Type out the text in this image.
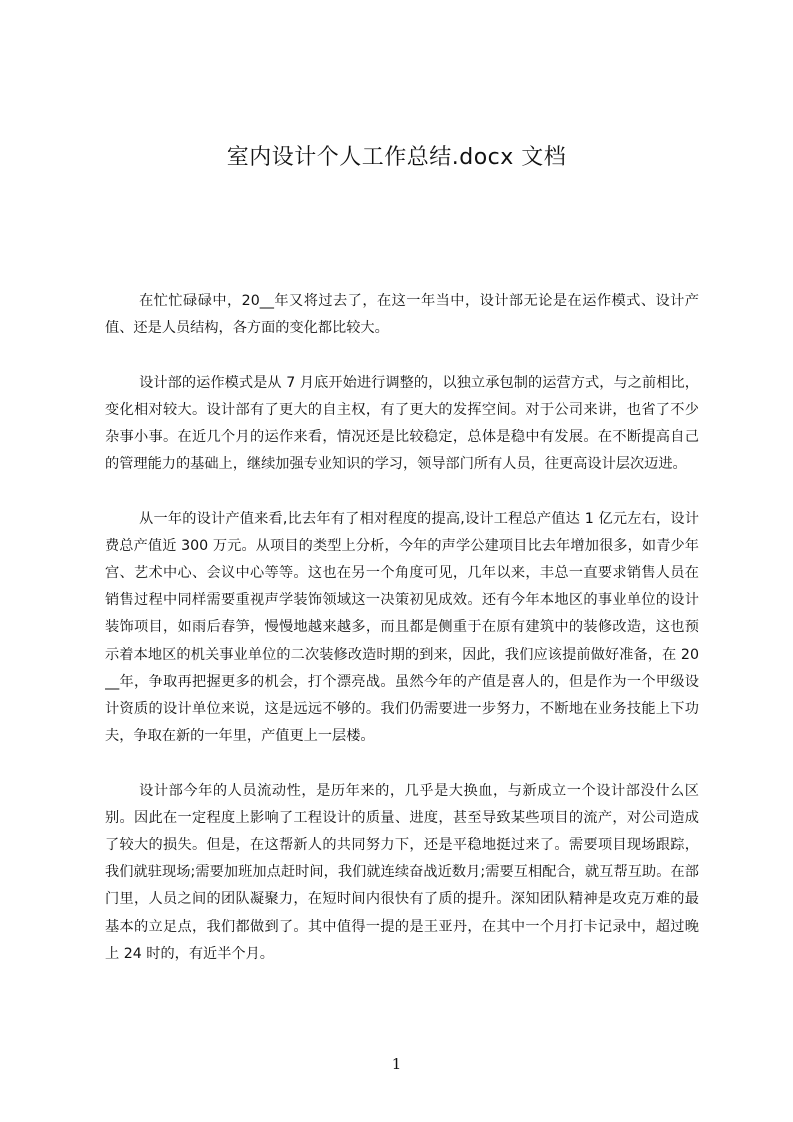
室内设计个人工作总结.docx 文档

在忙忙碌碌中，20__年又将过去了，在这一年当中，设计部无论是在运作模式、设计产值、还是人员结构，各方面的变化都比较大。

设计部的运作模式是从 7 月底开始进行调整的，以独立承包制的运营方式，与之前相比，变化相对较大。设计部有了更大的自主权，有了更大的发挥空间。对于公司来讲，也省了不少杂事小事。在近几个月的运作来看，情况还是比较稳定，总体是稳中有发展。在不断提高自己的管理能力的基础上，继续加强专业知识的学习，领导部门所有人员，往更高设计层次迈进。

从一年的设计产值来看,比去年有了相对程度的提高,设计工程总产值达 1 亿元左右，设计费总产值近 300 万元。从项目的类型上分析，今年的声学公建项目比去年增加很多，如青少年宫、艺术中心、会议中心等等。这也在另一个角度可见，几年以来，丰总一直要求销售人员在销售过程中同样需要重视声学装饰领域这一决策初见成效。还有今年本地区的事业单位的设计装饰项目，如雨后春笋，慢慢地越来越多，而且都是侧重于在原有建筑中的装修改造，这也预示着本地区的机关事业单位的二次装修改造时期的到来，因此，我们应该提前做好准备，在 20__年，争取再把握更多的机会，打个漂亮战。虽然今年的产值是喜人的，但是作为一个甲级设计资质的设计单位来说，这是远远不够的。我们仍需要进一步努力，不断地在业务技能上下功夫，争取在新的一年里，产值更上一层楼。

设计部今年的人员流动性，是历年来的，几乎是大换血，与新成立一个设计部没什么区别。因此在一定程度上影响了工程设计的质量、进度，甚至导致某些项目的流产，对公司造成了较大的损失。但是，在这帮新人的共同努力下，还是平稳地挺过来了。需要项目现场跟踪，我们就驻现场;需要加班加点赶时间，我们就连续奋战近数月;需要互相配合，就互帮互助。在部门里，人员之间的团队凝聚力，在短时间内很快有了质的提升。深知团队精神是攻克万难的最基本的立足点，我们都做到了。其中值得一提的是王亚丹，在其中一个月打卡记录中，超过晚上 24 时的，有近半个月。

1
